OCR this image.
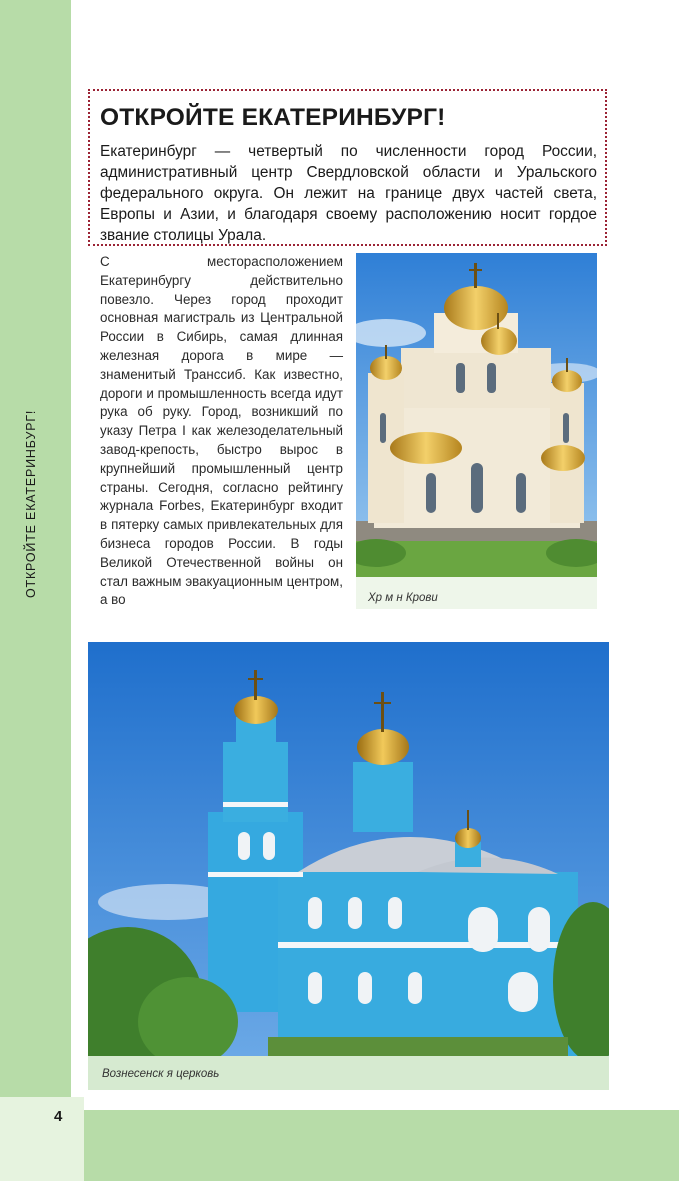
ОТКРОЙТЕ ЕКАТЕРИНБУРГ!
4
ОТКРОЙТЕ ЕКАТЕРИНБУРГ!

Екатеринбург — четвертый по численности город России, административный центр Свердловской области и Уральского федерального округа. Он лежит на границе двух частей света, Европы и Азии, и благодаря своему расположению носит гордое звание столицы Урала.

С месторасположением Екатеринбургу действительно повезло. Через город проходит основная магистраль из Центральной России в Сибирь, самая длинная железная дорога в мире — знаменитый Транссиб. Как известно, дороги и промышленность всегда идут рука об руку. Город, возникший по указу Петра I как железоделательный завод-крепость, быстро вырос в крупнейший промышленный центр страны. Сегодня, согласно рейтингу журнала Forbes, Екатеринбург входит в пятерку самых привлекательных для бизнеса городов России. В годы Великой Отечественной войны он стал важным эвакуационным центром, а во	Хр м н Крови
Вознесенск я церковь
